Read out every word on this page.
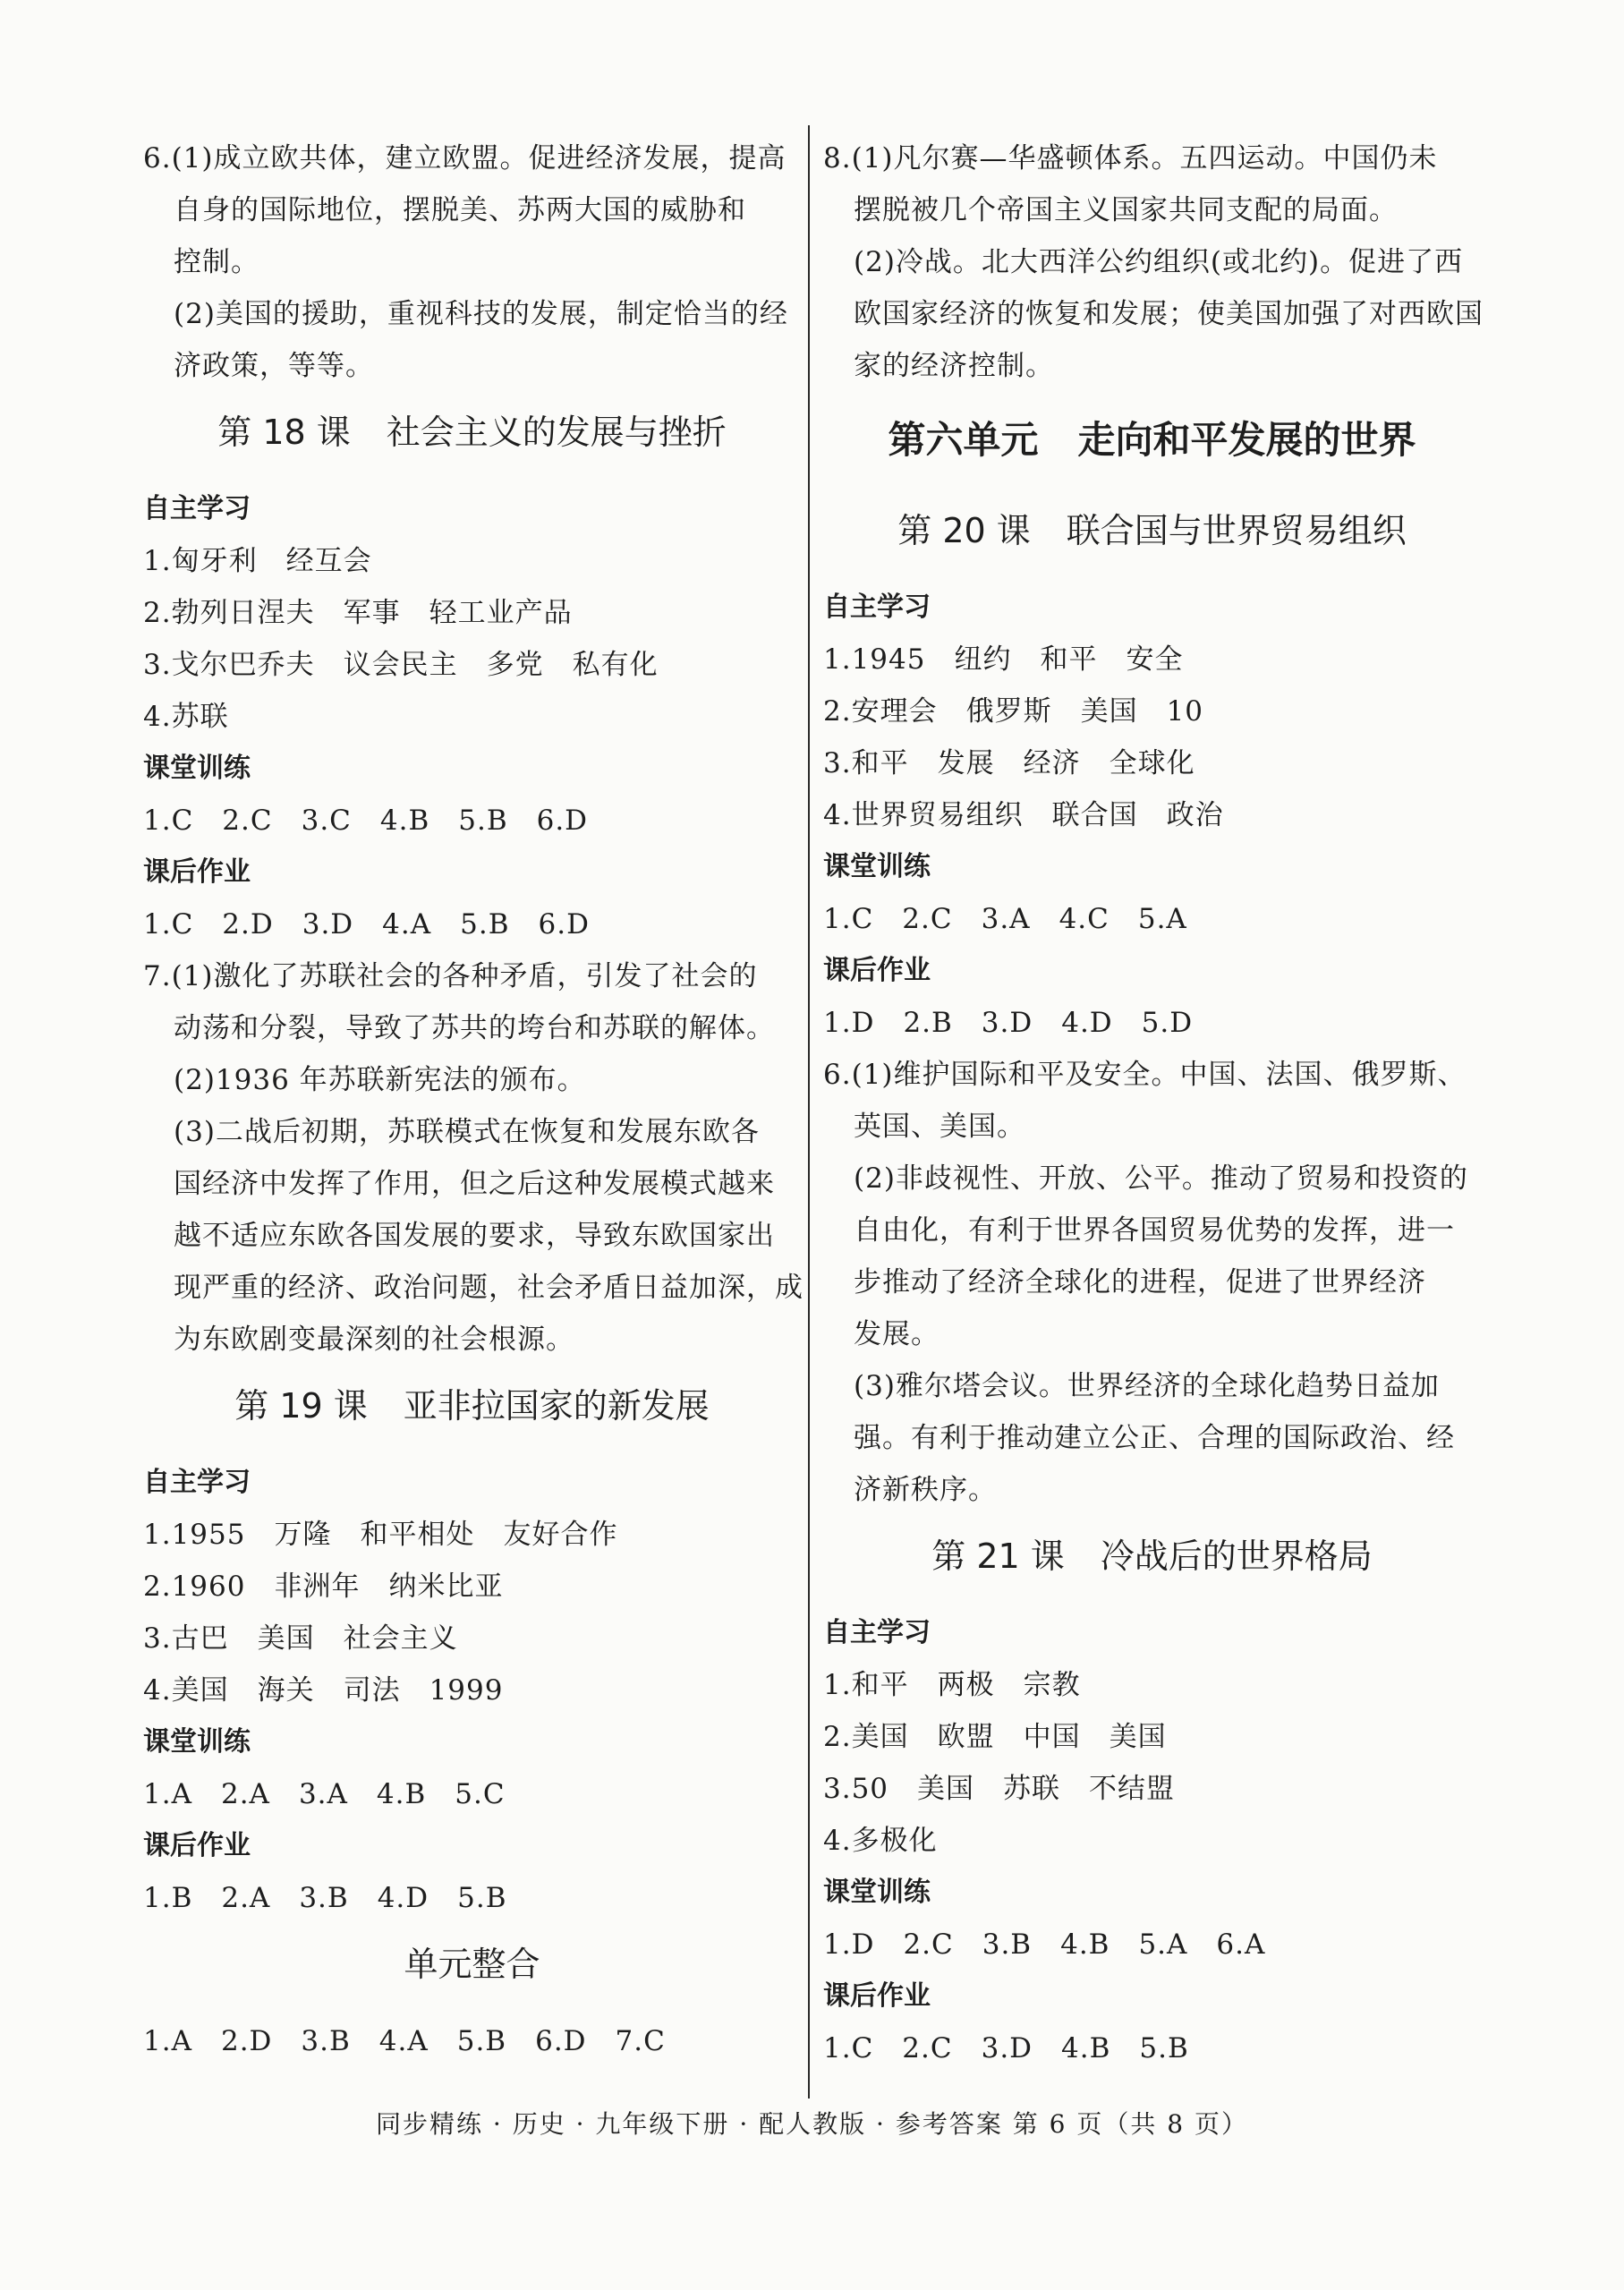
6.(1)成立欧共体，建立欧盟。促进经济发展，提高
自身的国际地位，摆脱美、苏两大国的威胁和
控制。
(2)美国的援助，重视科技的发展，制定恰当的经
济政策，等等。
第 18 课 社会主义的发展与挫折

自主学习

1.匈牙利 经互会

2.勃列日涅夫 军事 轻工业产品

3.戈尔巴乔夫 议会民主 多党 私有化

4.苏联

课堂训练

1.C 2.C 3.C 4.B 5.B 6.D

课后作业

1.C 2.D 3.D 4.A 5.B 6.D

7.(1)激化了苏联社会的各种矛盾，引发了社会的
动荡和分裂，导致了苏共的垮台和苏联的解体。
(2)1936 年苏联新宪法的颁布。
(3)二战后初期，苏联模式在恢复和发展东欧各
国经济中发挥了作用，但之后这种发展模式越来
越不适应东欧各国发展的要求，导致东欧国家出
现严重的经济、政治问题，社会矛盾日益加深，成
为东欧剧变最深刻的社会根源。
第 19 课 亚非拉国家的新发展

自主学习

1.1955 万隆 和平相处 友好合作

2.1960 非洲年 纳米比亚

3.古巴 美国 社会主义

4.美国 海关 司法 1999

课堂训练

1.A 2.A 3.A 4.B 5.C

课后作业

1.B 2.A 3.B 4.D 5.B

单元整合

1.A 2.D 3.B 4.A 5.B 6.D 7.C

8.(1)凡尔赛—华盛顿体系。五四运动。中国仍未
摆脱被几个帝国主义国家共同支配的局面。
(2)冷战。北大西洋公约组织(或北约)。促进了西
欧国家经济的恢复和发展；使美国加强了对西欧国
家的经济控制。
第六单元 走向和平发展的世界
第 20 课 联合国与世界贸易组织

自主学习

1.1945 纽约 和平 安全

2.安理会 俄罗斯 美国 10

3.和平 发展 经济 全球化

4.世界贸易组织 联合国 政治

课堂训练

1.C 2.C 3.A 4.C 5.A

课后作业

1.D 2.B 3.D 4.D 5.D

6.(1)维护国际和平及安全。中国、法国、俄罗斯、
英国、美国。
(2)非歧视性、开放、公平。推动了贸易和投资的
自由化，有利于世界各国贸易优势的发挥，进一
步推动了经济全球化的进程，促进了世界经济
发展。
(3)雅尔塔会议。世界经济的全球化趋势日益加
强。有利于推动建立公正、合理的国际政治、经
济新秩序。
第 21 课 冷战后的世界格局

自主学习

1.和平 两极 宗教

2.美国 欧盟 中国 美国

3.50 美国 苏联 不结盟

4.多极化

课堂训练

1.D 2.C 3.B 4.B 5.A 6.A

课后作业

1.C 2.C 3.D 4.B 5.B

同步精练 · 历史 · 九年级下册 · 配人教版 · 参考答案 第 6 页（共 8 页）
